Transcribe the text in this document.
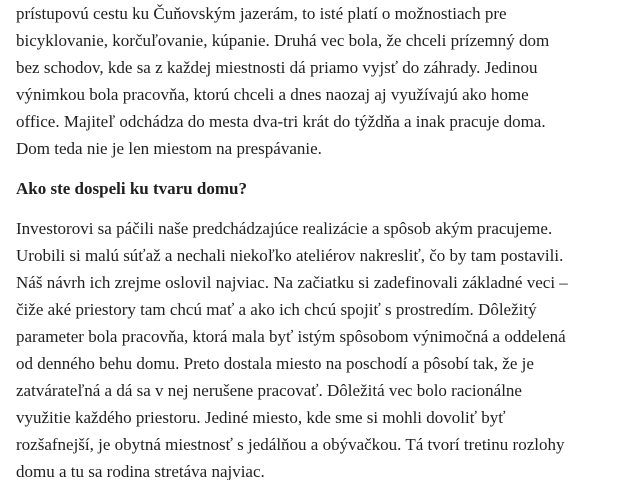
prístupovú cestu ku Čuňovským jazerám, to isté platí o možnostiach pre
bicyklovanie, korčuľovanie, kúpanie. Druhá vec bola, že chceli prízemný dom
bez schodov, kde sa z každej miestnosti dá priamo vyjsť do záhrady. Jedinou
výnimkou bola pracovňa, ktorú chceli a dnes naozaj aj využívajú ako home
office. Majiteľ odchádza do mesta dva-tri krát do týždňa a inak pracuje doma.
Dom teda nie je len miestom na prespávanie.
Ako ste dospeli ku tvaru domu?
Investorovi sa páčili naše predchádzajúce realizácie a spôsob akým pracujeme.
Urobili si malú súťaž a nechali niekoľko ateliérov nakresliť, čo by tam postavili.
Náš návrh ich zrejme oslovil najviac. Na začiatku si zadefinovali základné veci –
čiže aké priestory tam chcú mať a ako ich chcú spojiť s prostredím. Dôležitý
parameter bola pracovňa, ktorá mala byť istým spôsobom výnimočná a oddelená
od denného behu domu. Preto dostala miesto na poschodí a pôsobí tak, že je
zatvárateľná a dá sa v nej nerušene pracovať. Dôležitá vec bolo racionálne
využitie každého priestoru. Jediné miesto, kde sme si mohli dovoliť byť
rozšafnejší, je obytná miestnosť s jedálňou a obývačkou. Tá tvorí tretinu rozlohy
domu a tu sa rodina stretáva najviac.
